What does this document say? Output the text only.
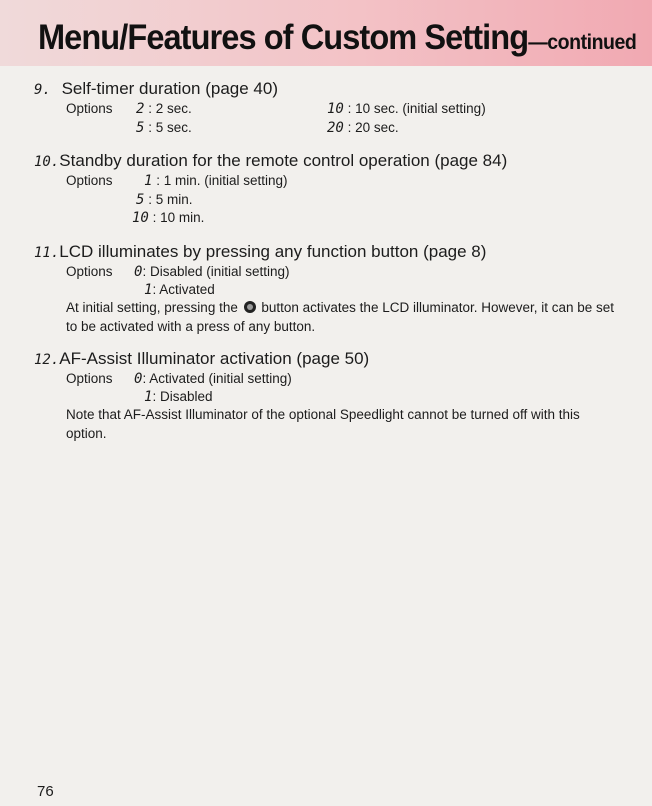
Menu/Features of Custom Setting—continued
9. Self-timer duration (page 40)
Options 2 : 2 sec.	10 : 10 sec. (initial setting)
5 : 5 sec.	20 : 20 sec.
10.Standby duration for the remote control operation (page 84)
Options 1 : 1 min. (initial setting)
5 : 5 min.
10 : 10 min.
11.LCD illuminates by pressing any function button (page 8)
Options 0: Disabled (initial setting)
1: Activated
At initial setting, pressing the button activates the LCD illuminator. However, it can be set to be activated with a press of any button.
12.AF-Assist Illuminator activation (page 50)
Options 0: Activated (initial setting)
1: Disabled
Note that AF-Assist Illuminator of the optional Speedlight cannot be turned off with this option.
76
